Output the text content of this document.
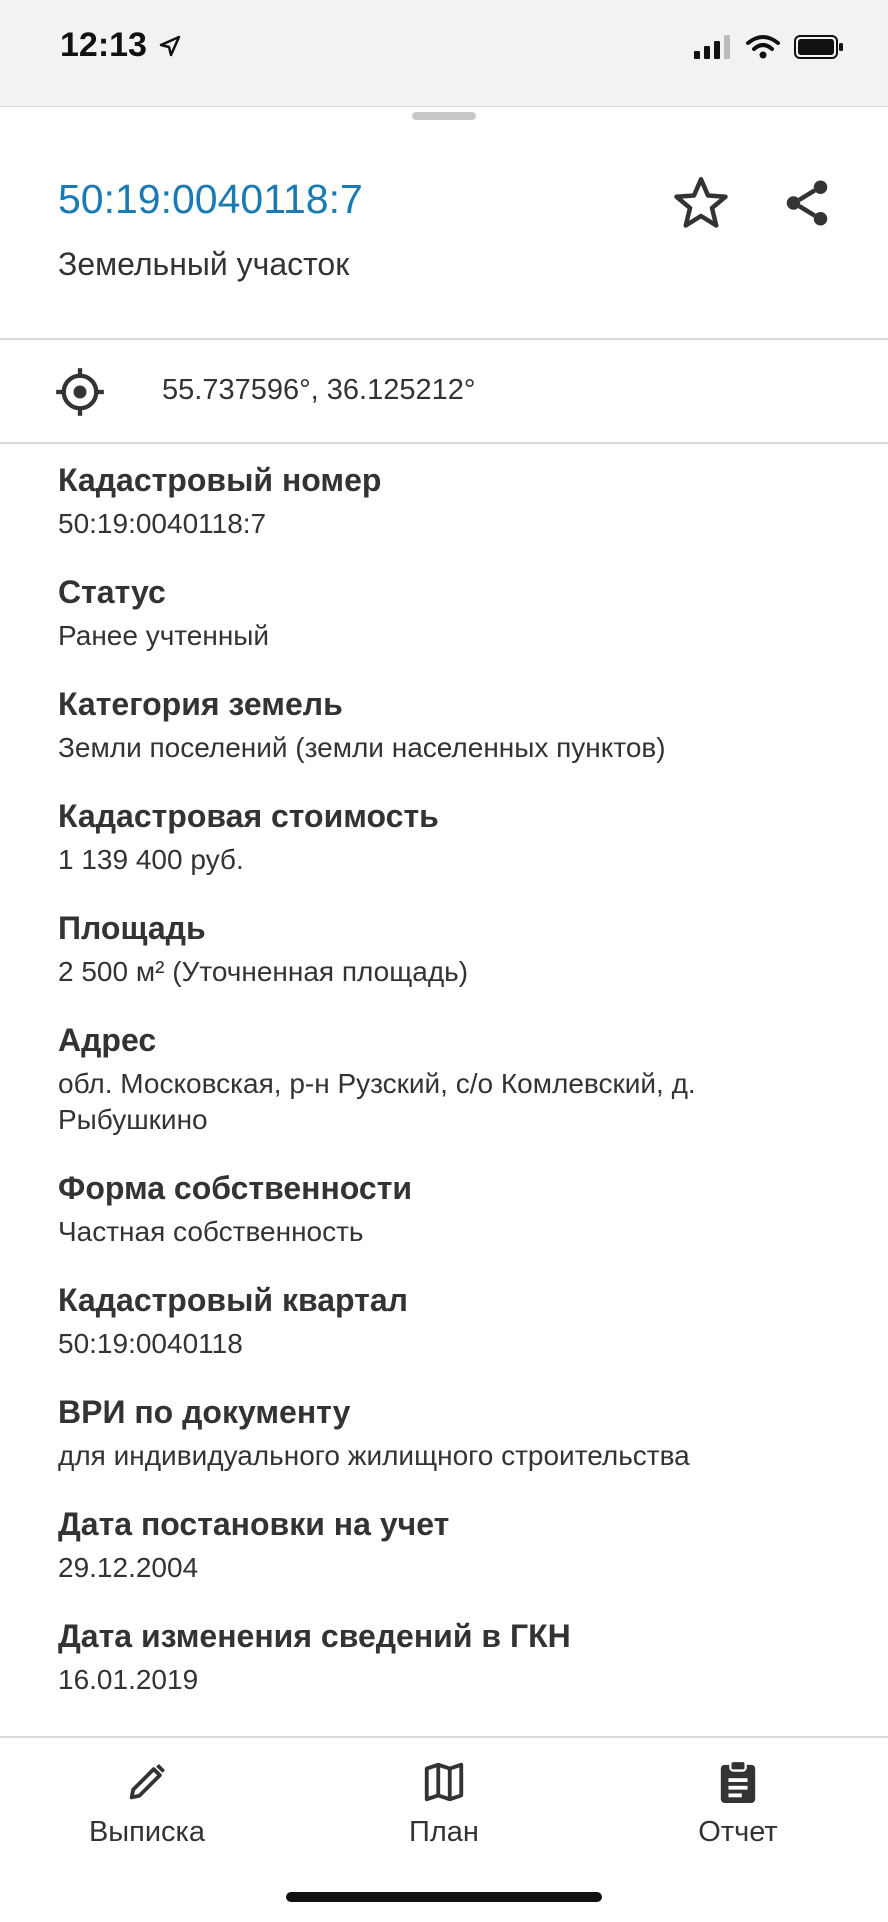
12:13
50:19:0040118:7
Земельный участок
55.737596°, 36.125212°
Кадастровый номер
50:19:0040118:7
Статус
Ранее учтенный
Категория земель
Земли поселений (земли населенных пунктов)
Кадастровая стоимость
1 139 400 руб.
Площадь
2 500 м² (Уточненная площадь)
Адрес
обл. Московская, р-н Рузский, с/о Комлевский, д. Рыбушкино
Форма собственности
Частная собственность
Кадастровый квартал
50:19:0040118
ВРИ по документу
для индивидуального жилищного строительства
Дата постановки на учет
29.12.2004
Дата изменения сведений в ГКН
16.01.2019
Выписка	План	Отчет
